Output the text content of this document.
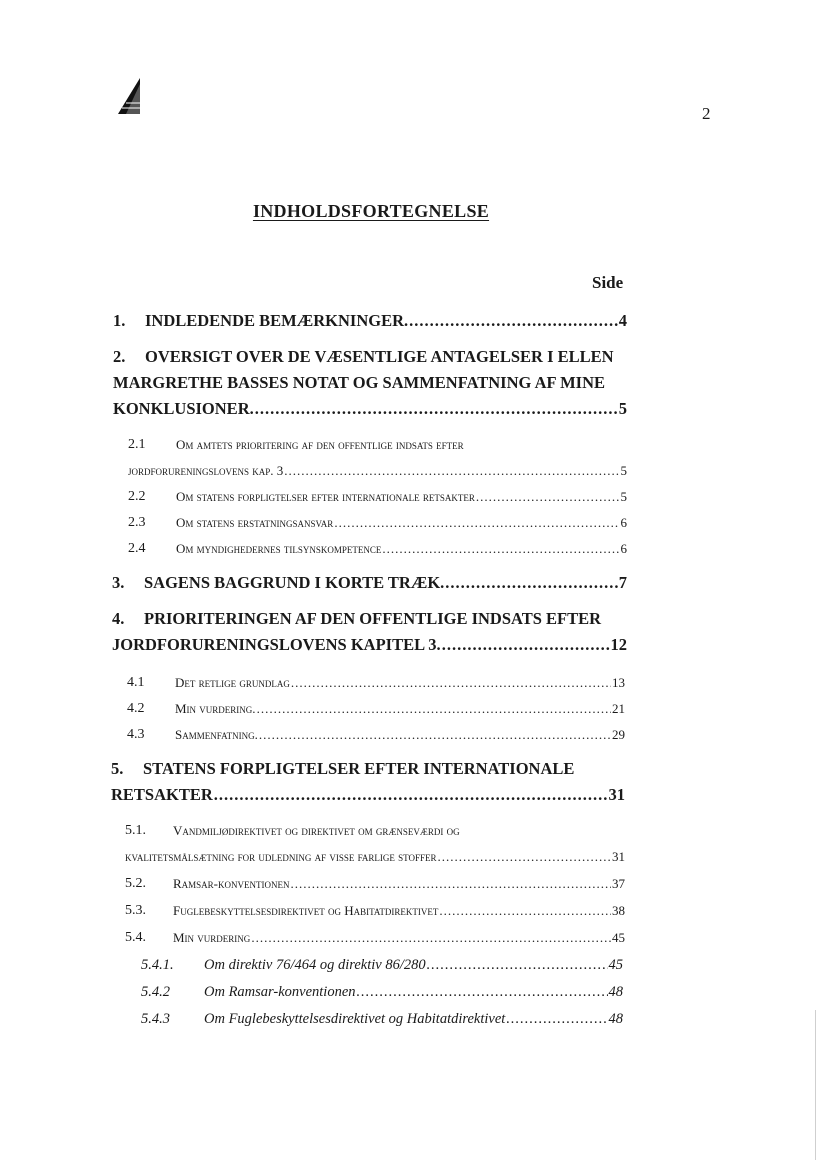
2
INDHOLDSFORTEGNELSE
Side
1. INDLEDENDE BEMÆRKNINGER. .....	4
2. OVERSIGT OVER DE VÆSENTLIGE ANTAGELSER I ELLEN
MARGRETHE BASSES NOTAT OG SAMMENFATNING AF MINE
KONKLUSIONER. .....	5
2.1 Om amtets prioritering af den offentlige indsats efter
jordforureningslovens kap. 3 .....	5
2.2 Om statens forpligtelser efter internationale retsakter .....	5
2.3 Om statens erstatningsansvar .....	6
2.4 Om myndighedernes tilsynskompetence .....	6
3. SAGENS BAGGRUND I KORTE TRÆK. .....	7
4. PRIORITERINGEN AF DEN OFFENTLIGE INDSATS EFTER
JORDFORURENINGSLOVENS KAPITEL 3. .....	12
4.1 Det retlige grundlag .....	13
4.2 Min vurdering. .....	21
4.3 Sammenfatning. .....	29
5. STATENS FORPLIGTELSER EFTER INTERNATIONALE
RETSAKTER .....	31
5.1. Vandmiljødirektivet og direktivet om grænseværdi og
kvalitetsmålsætning for udledning af visse farlige stoffer .....	31
5.2. Ramsar-konventionen .....	37
5.3. Fuglebeskyttelsesdirektivet og Habitatdirektivet .....	38
5.4. Min vurdering .....	45
5.4.1. Om direktiv 76/464 og direktiv 86/280 .....	45
5.4.2 Om Ramsar-konventionen .....	48
5.4.3 Om Fuglebeskyttelsesdirektivet og Habitatdirektivet .....	48
